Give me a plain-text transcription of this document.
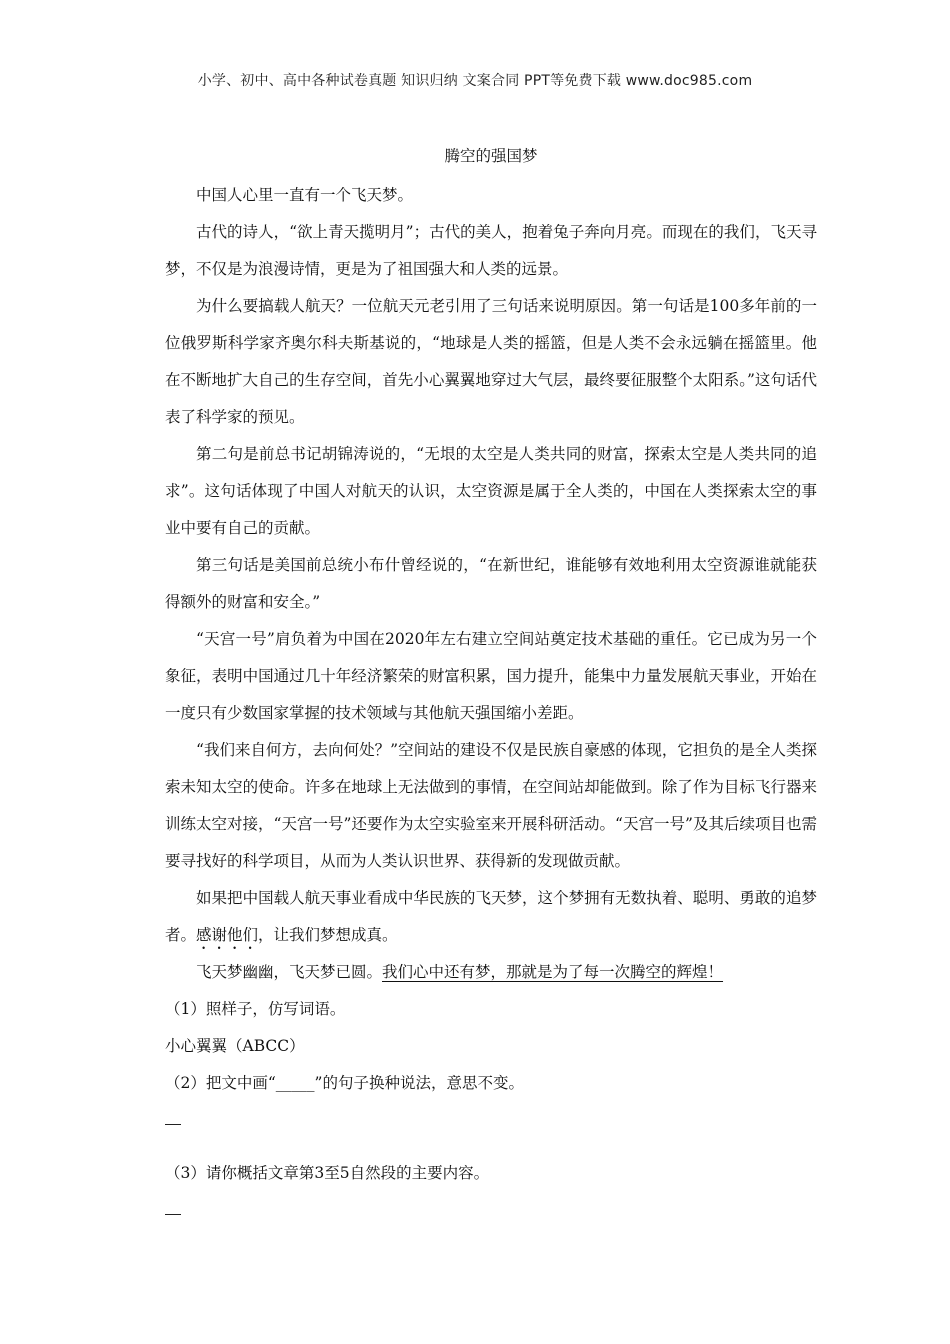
小学、初中、高中各种试卷真题 知识归纳 文案合同 PPT等免费下载 www.doc985.com
腾空的强国梦

中国人心里一直有一个飞天梦。

古代的诗人，“欲上青天揽明月”；古代的美人，抱着兔子奔向月亮。而现在的我们，飞天寻梦，不仅是为浪漫诗情，更是为了祖国强大和人类的远景。

为什么要搞载人航天？一位航天元老引用了三句话来说明原因。第一句话是100多年前的一位俄罗斯科学家齐奥尔科夫斯基说的，“地球是人类的摇篮，但是人类不会永远躺在摇篮里。他在不断地扩大自己的生存空间，首先小心翼翼地穿过大气层，最终要征服整个太阳系。”这句话代表了科学家的预见。

第二句是前总书记胡锦涛说的，“无垠的太空是人类共同的财富，探索太空是人类共同的追求”。这句话体现了中国人对航天的认识，太空资源是属于全人类的，中国在人类探索太空的事业中要有自己的贡献。

第三句话是美国前总统小布什曾经说的，“在新世纪，谁能够有效地利用太空资源谁就能获得额外的财富和安全。”

“天宫一号”肩负着为中国在2020年左右建立空间站奠定技术基础的重任。它已成为另一个象征，表明中国通过几十年经济繁荣的财富积累，国力提升，能集中力量发展航天事业，开始在一度只有少数国家掌握的技术领域与其他航天强国缩小差距。

“我们来自何方，去向何处？”空间站的建设不仅是民族自豪感的体现，它担负的是全人类探索未知太空的使命。许多在地球上无法做到的事情，在空间站却能做到。除了作为目标飞行器来训练太空对接，“天宫一号”还要作为太空实验室来开展科研活动。“天宫一号”及其后续项目也需要寻找好的科学项目，从而为人类认识世界、获得新的发现做贡献。

如果把中国载人航天事业看成中华民族的飞天梦，这个梦拥有无数执着、聪明、勇敢的追梦者。感谢他们，让我们梦想成真。

飞天梦幽幽，飞天梦已圆。我们心中还有梦，那就是为了每一次腾空的辉煌！

（1）照样子，仿写词语。

小心翼翼（ABCC）

（2）把文中画“_____”的句子换种说法，意思不变。

（3）请你概括文章第3至5自然段的主要内容。
